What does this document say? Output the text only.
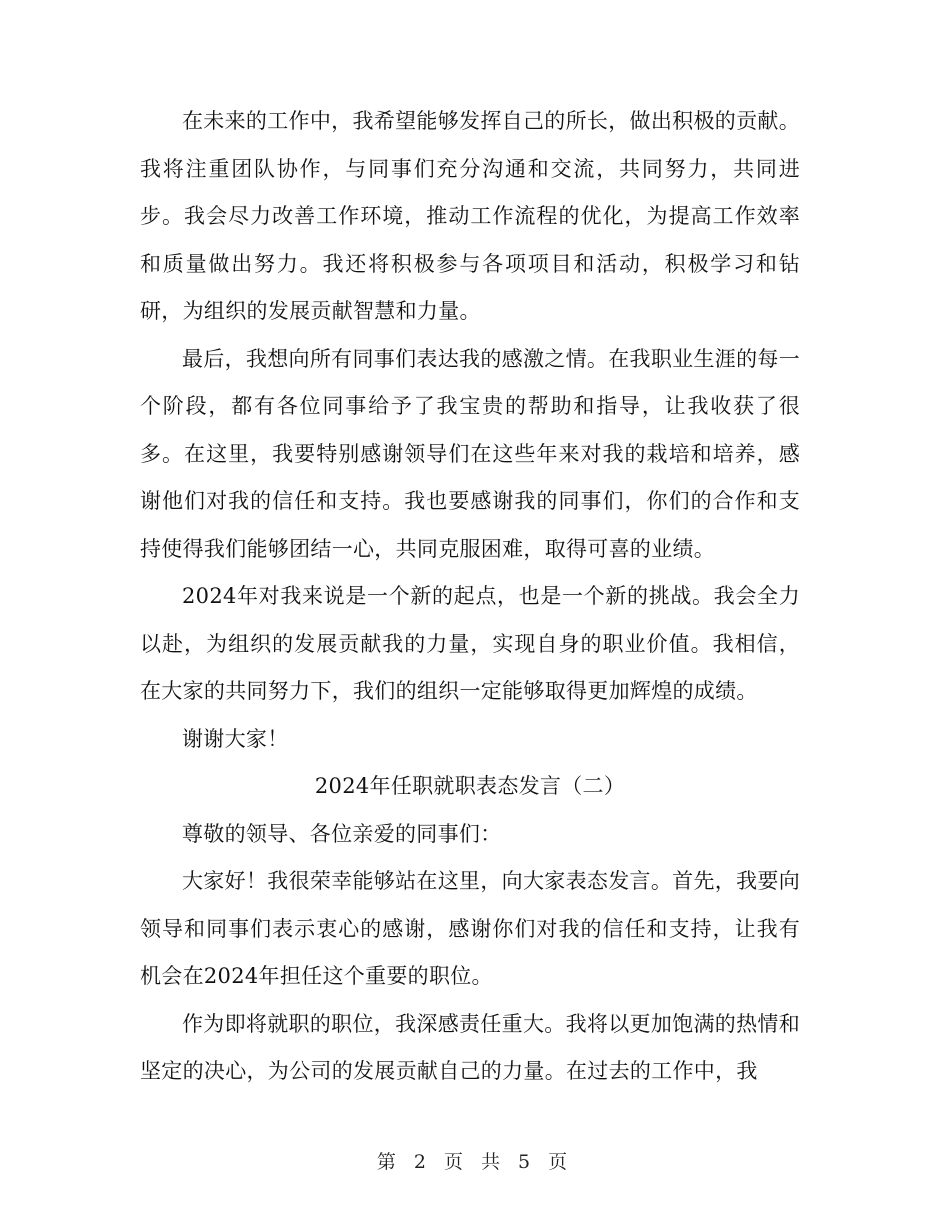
在未来的工作中，我希望能够发挥自己的所长，做出积极的贡献。我将注重团队协作，与同事们充分沟通和交流，共同努力，共同进步。我会尽力改善工作环境，推动工作流程的优化，为提高工作效率和质量做出努力。我还将积极参与各项项目和活动，积极学习和钻研，为组织的发展贡献智慧和力量。

最后，我想向所有同事们表达我的感激之情。在我职业生涯的每一个阶段，都有各位同事给予了我宝贵的帮助和指导，让我收获了很多。在这里，我要特别感谢领导们在这些年来对我的栽培和培养，感谢他们对我的信任和支持。我也要感谢我的同事们，你们的合作和支持使得我们能够团结一心，共同克服困难，取得可喜的业绩。

2024年对我来说是一个新的起点，也是一个新的挑战。我会全力以赴，为组织的发展贡献我的力量，实现自身的职业价值。我相信，在大家的共同努力下，我们的组织一定能够取得更加辉煌的成绩。

谢谢大家！

2024年任职就职表态发言（二）

尊敬的领导、各位亲爱的同事们：

大家好！我很荣幸能够站在这里，向大家表态发言。首先，我要向领导和同事们表示衷心的感谢，感谢你们对我的信任和支持，让我有机会在2024年担任这个重要的职位。

作为即将就职的职位，我深感责任重大。我将以更加饱满的热情和坚定的决心，为公司的发展贡献自己的力量。在过去的工作中，我

第 2 页 共 5 页
